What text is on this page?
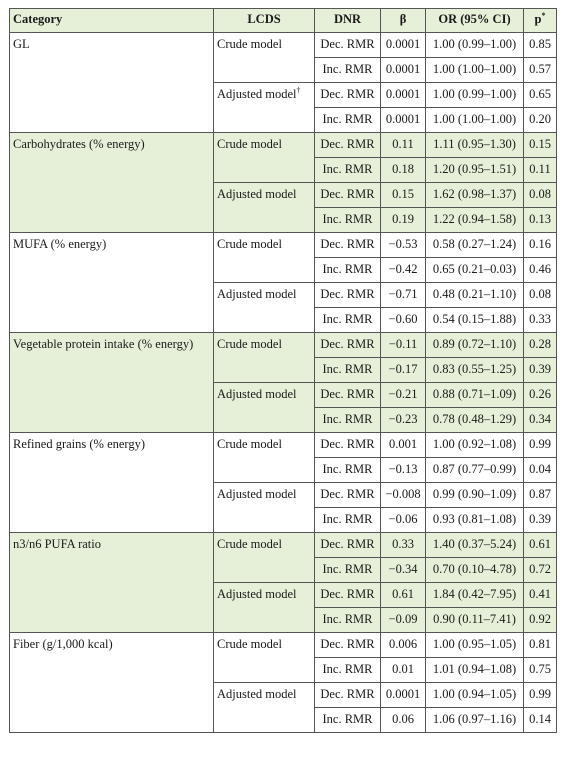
Category	LCDS	DNR	β	OR (95% CI)	p*
GL	Crude model	Dec. RMR	0.0001	1.00 (0.99–1.00)	0.85
		Inc. RMR	0.0001	1.00 (1.00–1.00)	0.57
	Adjusted model†	Dec. RMR	0.0001	1.00 (0.99–1.00)	0.65
		Inc. RMR	0.0001	1.00 (1.00–1.00)	0.20
Carbohydrates (% energy)	Crude model	Dec. RMR	0.11	1.11 (0.95–1.30)	0.15
		Inc. RMR	0.18	1.20 (0.95–1.51)	0.11
	Adjusted model	Dec. RMR	0.15	1.62 (0.98–1.37)	0.08
		Inc. RMR	0.19	1.22 (0.94–1.58)	0.13
MUFA (% energy)	Crude model	Dec. RMR	−0.53	0.58 (0.27–1.24)	0.16
		Inc. RMR	−0.42	0.65 (0.21–0.03)	0.46
	Adjusted model	Dec. RMR	−0.71	0.48 (0.21–1.10)	0.08
		Inc. RMR	−0.60	0.54 (0.15–1.88)	0.33
Vegetable protein intake (% energy)	Crude model	Dec. RMR	−0.11	0.89 (0.72–1.10)	0.28
		Inc. RMR	−0.17	0.83 (0.55–1.25)	0.39
	Adjusted model	Dec. RMR	−0.21	0.88 (0.71–1.09)	0.26
		Inc. RMR	−0.23	0.78 (0.48–1.29)	0.34
Refined grains (% energy)	Crude model	Dec. RMR	0.001	1.00 (0.92–1.08)	0.99
		Inc. RMR	−0.13	0.87 (0.77–0.99)	0.04
	Adjusted model	Dec. RMR	−0.008	0.99 (0.90–1.09)	0.87
		Inc. RMR	−0.06	0.93 (0.81–1.08)	0.39
n3/n6 PUFA ratio	Crude model	Dec. RMR	0.33	1.40 (0.37–5.24)	0.61
		Inc. RMR	−0.34	0.70 (0.10–4.78)	0.72
	Adjusted model	Dec. RMR	0.61	1.84 (0.42–7.95)	0.41
		Inc. RMR	−0.09	0.90 (0.11–7.41)	0.92
Fiber (g/1,000 kcal)	Crude model	Dec. RMR	0.006	1.00 (0.95–1.05)	0.81
		Inc. RMR	0.01	1.01 (0.94–1.08)	0.75
	Adjusted model	Dec. RMR	0.0001	1.00 (0.94–1.05)	0.99
		Inc. RMR	0.06	1.06 (0.97–1.16)	0.14
